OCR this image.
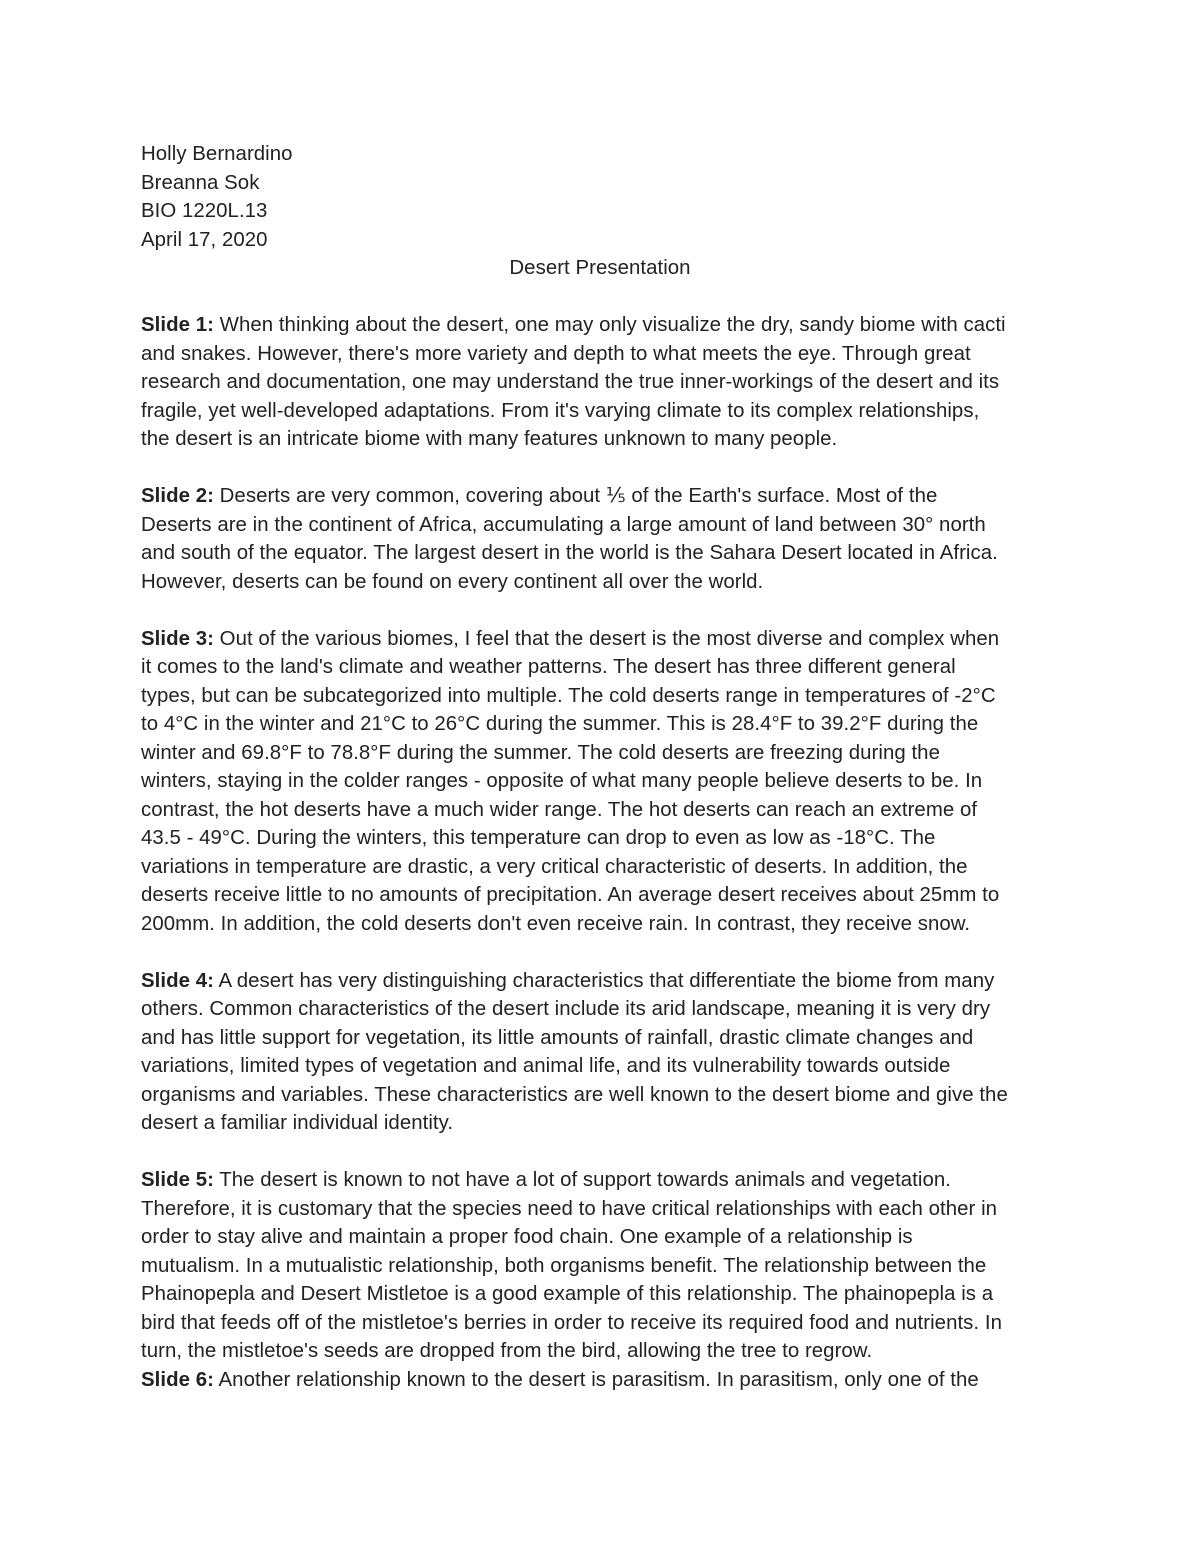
Holly Bernardino
Breanna Sok
BIO 1220L.13
April 17, 2020
Desert Presentation
Slide 1: When thinking about the desert, one may only visualize the dry, sandy biome with cacti
and snakes. However, there's more variety and depth to what meets the eye. Through great
research and documentation, one may understand the true inner-workings of the desert and its
fragile, yet well-developed adaptations. From it's varying climate to its complex relationships,
the desert is an intricate biome with many features unknown to many people.
Slide 2: Deserts are very common, covering about ⅕ of the Earth's surface. Most of the
Deserts are in the continent of Africa, accumulating a large amount of land between 30° north
and south of the equator. The largest desert in the world is the Sahara Desert located in Africa.
However, deserts can be found on every continent all over the world.
Slide 3: Out of the various biomes, I feel that the desert is the most diverse and complex when
it comes to the land's climate and weather patterns. The desert has three different general
types, but can be subcategorized into multiple. The cold deserts range in temperatures of -2°C
to 4°C in the winter and 21°C to 26°C during the summer. This is 28.4°F to 39.2°F during the
winter and 69.8°F to 78.8°F during the summer. The cold deserts are freezing during the
winters, staying in the colder ranges - opposite of what many people believe deserts to be. In
contrast, the hot deserts have a much wider range. The hot deserts can reach an extreme of
43.5 - 49°C. During the winters, this temperature can drop to even as low as -18°C. The
variations in temperature are drastic, a very critical characteristic of deserts. In addition, the
deserts receive little to no amounts of precipitation. An average desert receives about 25mm to
200mm. In addition, the cold deserts don't even receive rain. In contrast, they receive snow.
Slide 4: A desert has very distinguishing characteristics that differentiate the biome from many
others. Common characteristics of the desert include its arid landscape, meaning it is very dry
and has little support for vegetation, its little amounts of rainfall, drastic climate changes and
variations, limited types of vegetation and animal life, and its vulnerability towards outside
organisms and variables. These characteristics are well known to the desert biome and give the
desert a familiar individual identity.
Slide 5: The desert is known to not have a lot of support towards animals and vegetation.
Therefore, it is customary that the species need to have critical relationships with each other in
order to stay alive and maintain a proper food chain. One example of a relationship is
mutualism. In a mutualistic relationship, both organisms benefit. The relationship between the
Phainopepla and Desert Mistletoe is a good example of this relationship. The phainopepla is a
bird that feeds off of the mistletoe's berries in order to receive its required food and nutrients. In
turn, the mistletoe's seeds are dropped from the bird, allowing the tree to regrow.
Slide 6: Another relationship known to the desert is parasitism. In parasitism, only one of the
